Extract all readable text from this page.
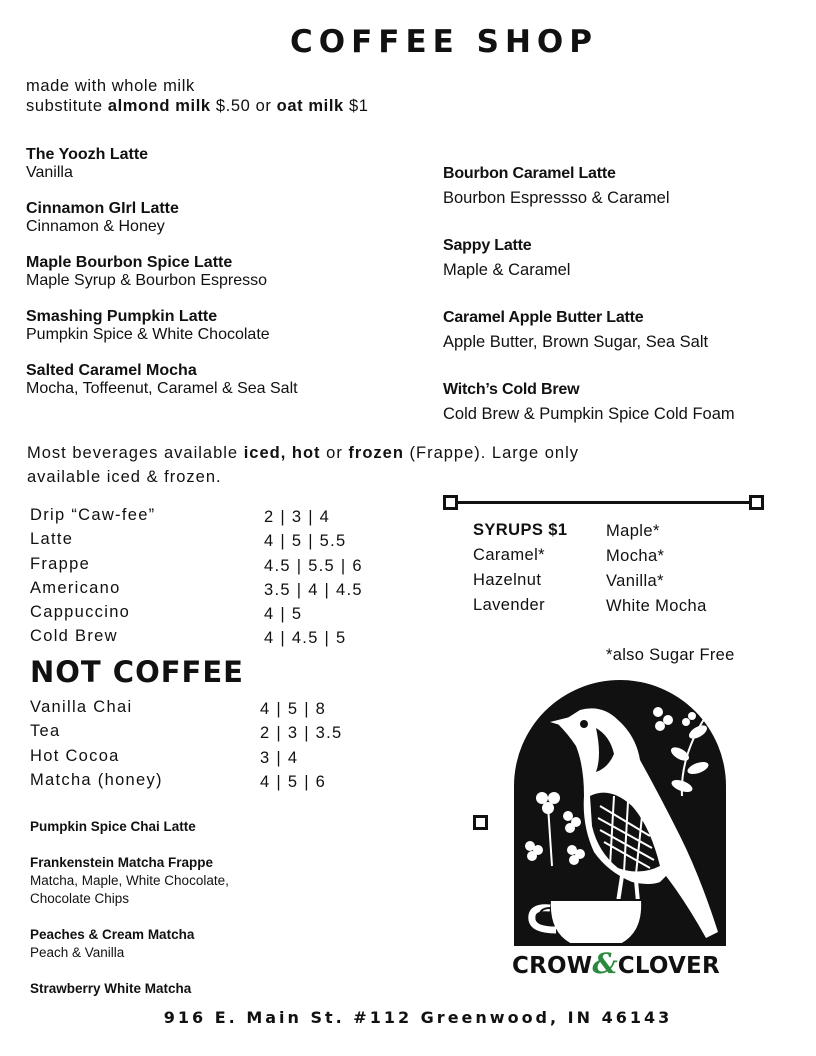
COFFEE SHOP
made with whole milk
substitute almond milk $.50 or oat milk $1
The Yoozh Latte
Vanilla
Cinnamon GIrl Latte
Cinnamon & Honey
Maple Bourbon Spice Latte
Maple Syrup & Bourbon Espresso
Smashing Pumpkin Latte
Pumpkin Spice & White Chocolate
Salted Caramel Mocha
Mocha, Toffeenut, Caramel & Sea Salt
Bourbon Caramel Latte
Bourbon Espressso & Caramel
Sappy Latte
Maple & Caramel
Caramel Apple Butter Latte
Apple Butter, Brown Sugar, Sea Salt
Witch’s Cold Brew
Cold Brew & Pumpkin Spice Cold Foam
Most beverages available iced, hot or frozen (Frappe). Large only available iced & frozen.
Drip “Caw-fee”	2 | 3 | 4
Latte	4 | 5 | 5.5
Frappe	4.5 | 5.5 | 6
Americano	3.5 | 4 | 4.5
Cappuccino	4 | 5
Cold Brew	4 | 4.5 | 5
NOT COFFEE
Vanilla Chai	4 | 5 | 8
Tea	2 | 3 | 3.5
Hot Cocoa	3 | 4
Matcha (honey)	4 | 5 | 6
Pumpkin Spice Chai Latte
Frankenstein Matcha Frappe
Matcha, Maple, White Chocolate, Chocolate Chips
Peaches & Cream Matcha
Peach & Vanilla
Strawberry White Matcha
SYRUPS $1
Caramel*
Hazelnut
Lavender
Maple*
Mocha*
Vanilla*
White Mocha
*also Sugar Free
CROW&CLOVER
916 E. Main St. #112 Greenwood, IN 46143
